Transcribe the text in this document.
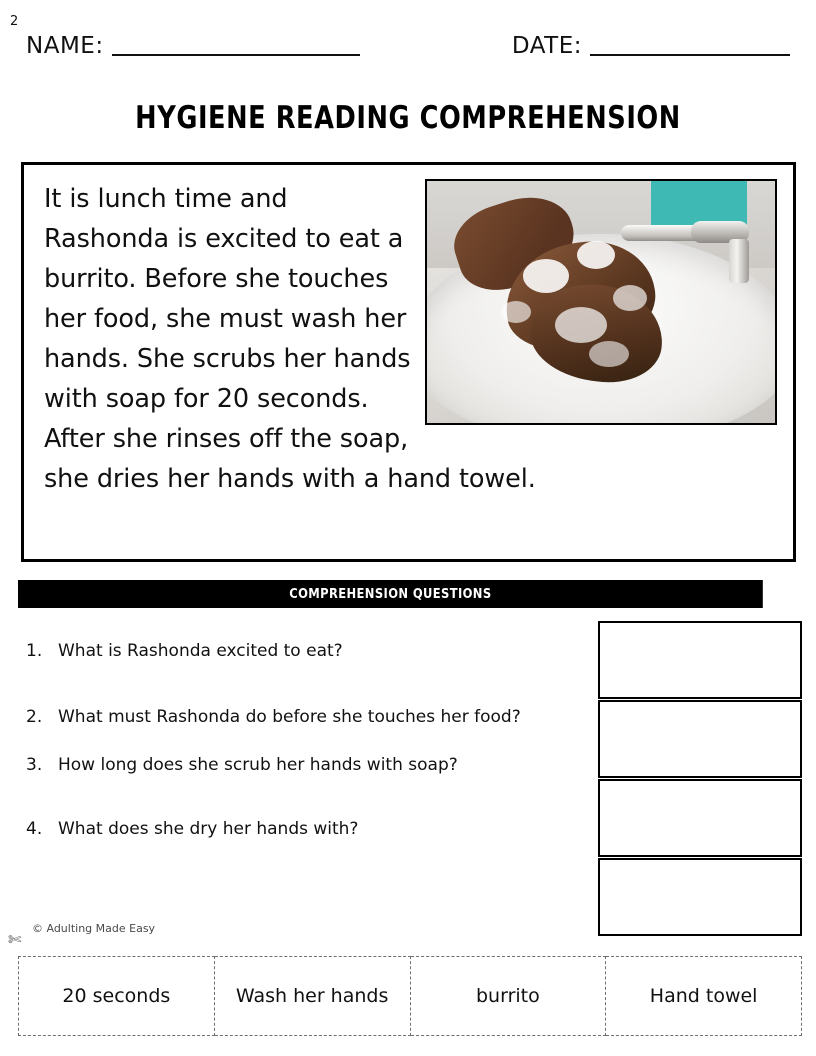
2
NAME:	DATE:
HYGIENE READING COMPREHENSION

It is lunch time and Rashonda is excited to eat a burrito. Before she touches her food, she must wash her hands. She scrubs her hands with soap for 20 seconds. After she rinses off the soap, she dries her hands with a hand towel.

COMPREHENSION QUESTIONS
1. What is Rashonda excited to eat?
2. What must Rashonda do before she touches her food?
3. How long does she scrub her hands with soap?
4. What does she dry her hands with?
✄
© Adulting Made Easy
20 seconds	Wash her hands	burrito	Hand towel
